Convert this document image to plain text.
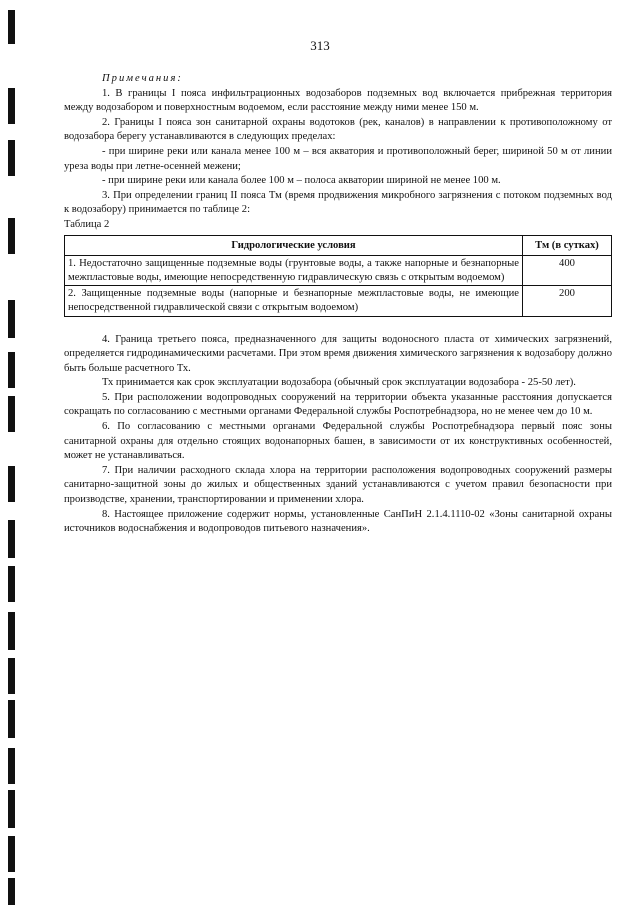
313

Примечания:

1. В границы I пояса инфильтрационных водозаборов подземных вод включается прибрежная территория между водозабором и поверхностным водоемом, если расстояние между ними менее 150 м.

2. Границы I пояса зон санитарной охраны водотоков (рек, каналов) в направлении к противоположному от водозабора берегу устанавливаются в следующих пределах:

- при ширине реки или канала менее 100 м – вся акватория и противоположный берег, шириной 50 м от линии уреза воды при летне-осенней межени;

- при ширине реки или канала более 100 м – полоса акватории шириной не менее 100 м.

3. При определении границ II пояса Тм (время продвижения микробного загрязнения с потоком подземных вод к водозабору) принимается по таблице 2:

Таблица 2

Гидрологические условия	Тм (в сутках)
1. Недостаточно защищенные подземные воды (грунтовые воды, а также напорные и безнапорные межпластовые воды, имеющие непосредственную гидравлическую связь с открытым водоемом)	400
2. Защищенные подземные воды (напорные и безнапорные межпластовые воды, не имеющие непосредственной гидравлической связи с открытым водоемом)	200

4. Граница третьего пояса, предназначенного для защиты водоносного пласта от химических загрязнений, определяется гидродинамическими расчетами. При этом время движения химического загрязнения к водозабору должно быть больше расчетного Тх.

Тх принимается как срок эксплуатации водозабора (обычный срок эксплуатации водозабора - 25-50 лет).

5. При расположении водопроводных сооружений на территории объекта указанные расстояния допускается сокращать по согласованию с местными органами Федеральной службы Роспотребнадзора, но не менее чем до 10 м.

6. По согласованию с местными органами Федеральной службы Роспотребнадзора первый пояс зоны санитарной охраны для отдельно стоящих водонапорных башен, в зависимости от их конструктивных особенностей, может не устанавливаться.

7. При наличии расходного склада хлора на территории расположения водопроводных сооружений размеры санитарно-защитной зоны до жилых и общественных зданий устанавливаются с учетом правил безопасности при производстве, хранении, транспортировании и применении хлора.

8. Настоящее приложение содержит нормы, установленные СанПиН 2.1.4.1110-02 «Зоны санитарной охраны источников водоснабжения и водопроводов питьевого назначения».
